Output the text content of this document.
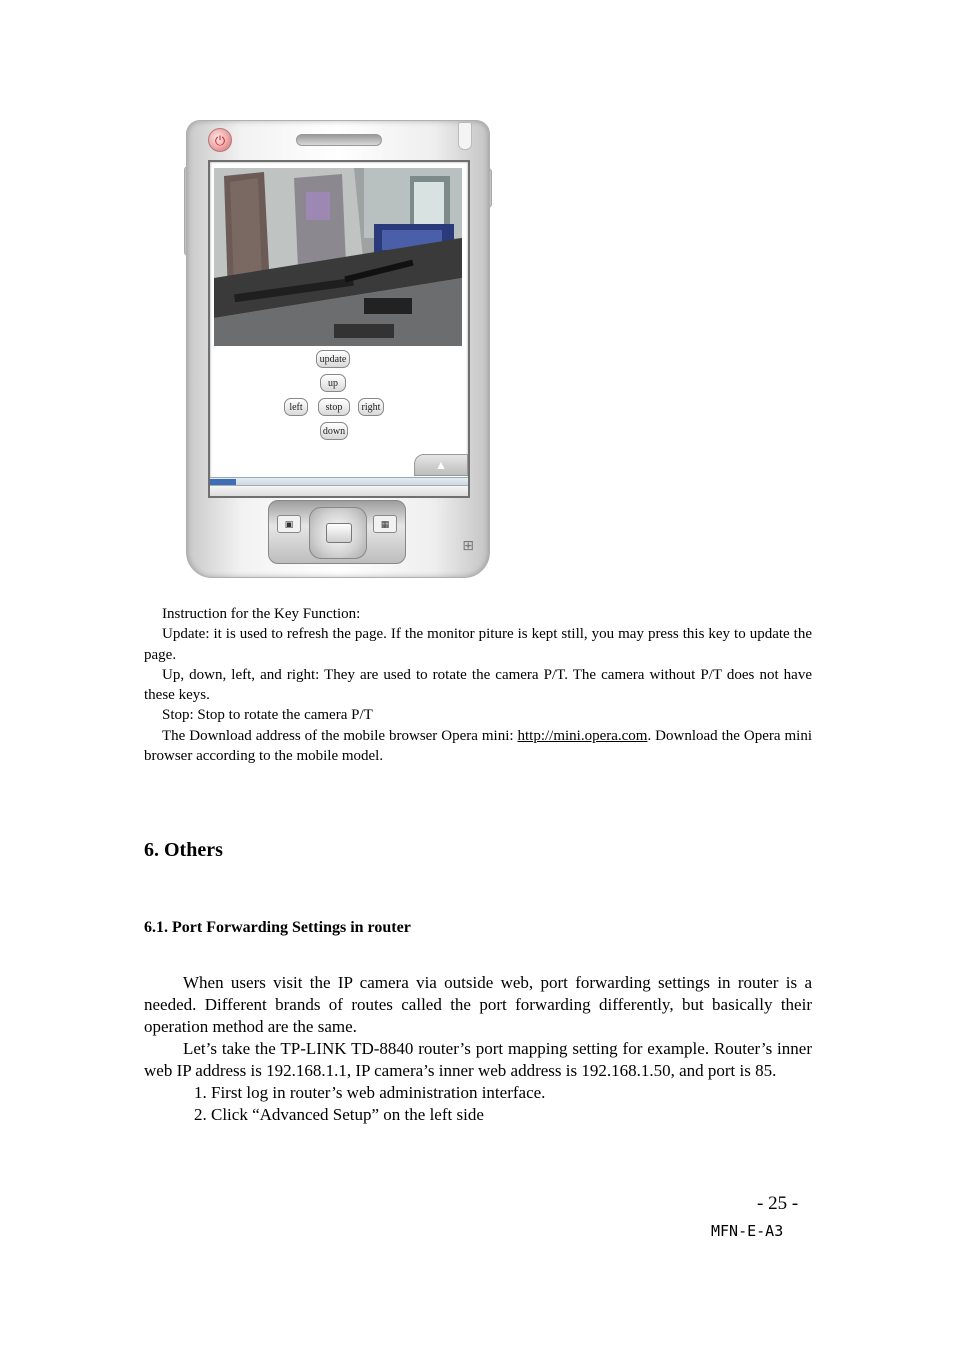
⏻
update
up
left	stop	right
down
▲
▣	▦
⊞

Instruction for the Key Function:

Update: it is used to refresh the page. If the monitor piture is kept still, you may press this key to update the page.

Up, down, left, and right: They are used to rotate the camera P/T. The camera without P/T does not have these keys.

Stop: Stop to rotate the camera P/T

The Download address of the mobile browser Opera mini: http://mini.opera.com. Download the Opera mini browser according to the mobile model.

6. Others
6.1. Port Forwarding Settings in router

When users visit the IP camera via outside web, port forwarding settings in router is a needed. Different brands of routes called the port forwarding differently, but basically their operation method are the same.

Let’s take the TP-LINK TD-8840 router’s port mapping setting for example. Router’s inner web IP address is 192.168.1.1, IP camera’s inner web address is 192.168.1.50, and port is 85.

1. First log in router’s web administration interface.
2. Click “Advanced Setup” on the left side
- 25 -
MFN-E-A3
